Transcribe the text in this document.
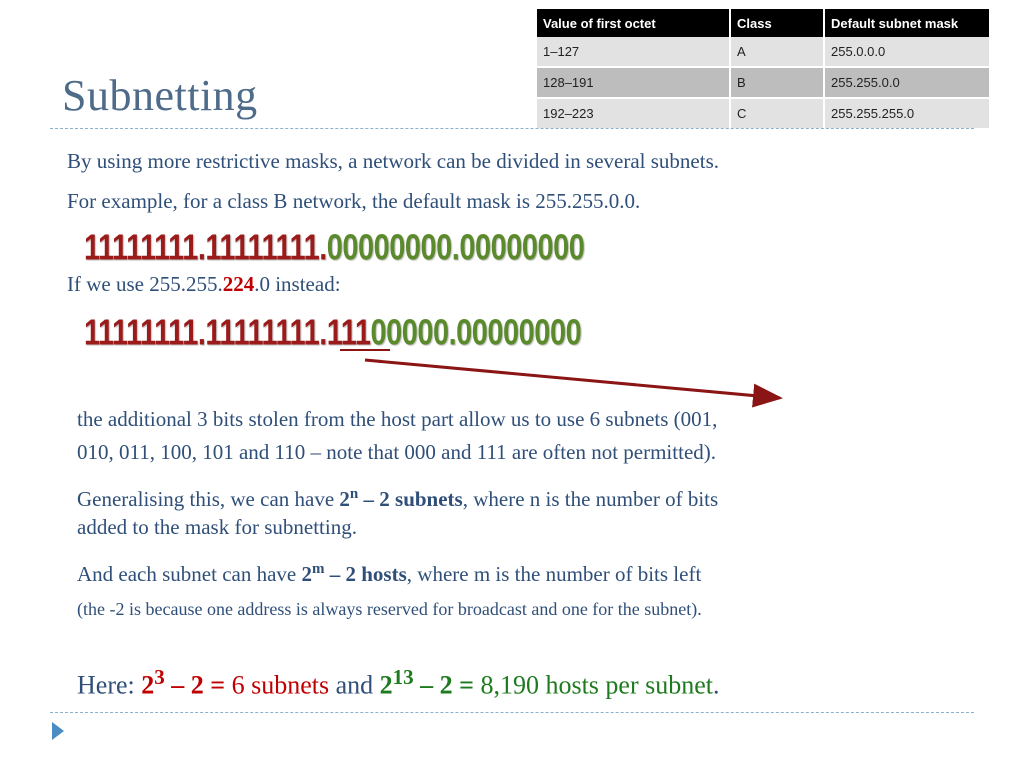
Subnetting
Value of first octet	Class	Default subnet mask
1–127	A	255.0.0.0
128–191	B	255.255.0.0
192–223	C	255.255.255.0
By using more restrictive masks, a network can be divided in several subnets.
For example, for a class B network, the default mask is 255.255.0.0.
11111111.11111111.00000000.00000000
If we use 255.255.224.0 instead:
11111111.11111111.11100000.00000000
the additional 3 bits stolen from the host part allow us to use 6 subnets (001,
010, 011, 100, 101 and 110 – note that 000 and 111 are often not permitted).
Generalising this, we can have 2$^n$ – 2 subnets, where n is the number of bits
added to the mask for subnetting.
And each subnet can have 2$^m$ – 2 hosts, where m is the number of bits left
(the -2 is because one address is always reserved for broadcast and one for the subnet).
Here: $2^3 - 2 = 6$ subnets and $2^{13} - 2 = 8,190$ hosts per subnet.
